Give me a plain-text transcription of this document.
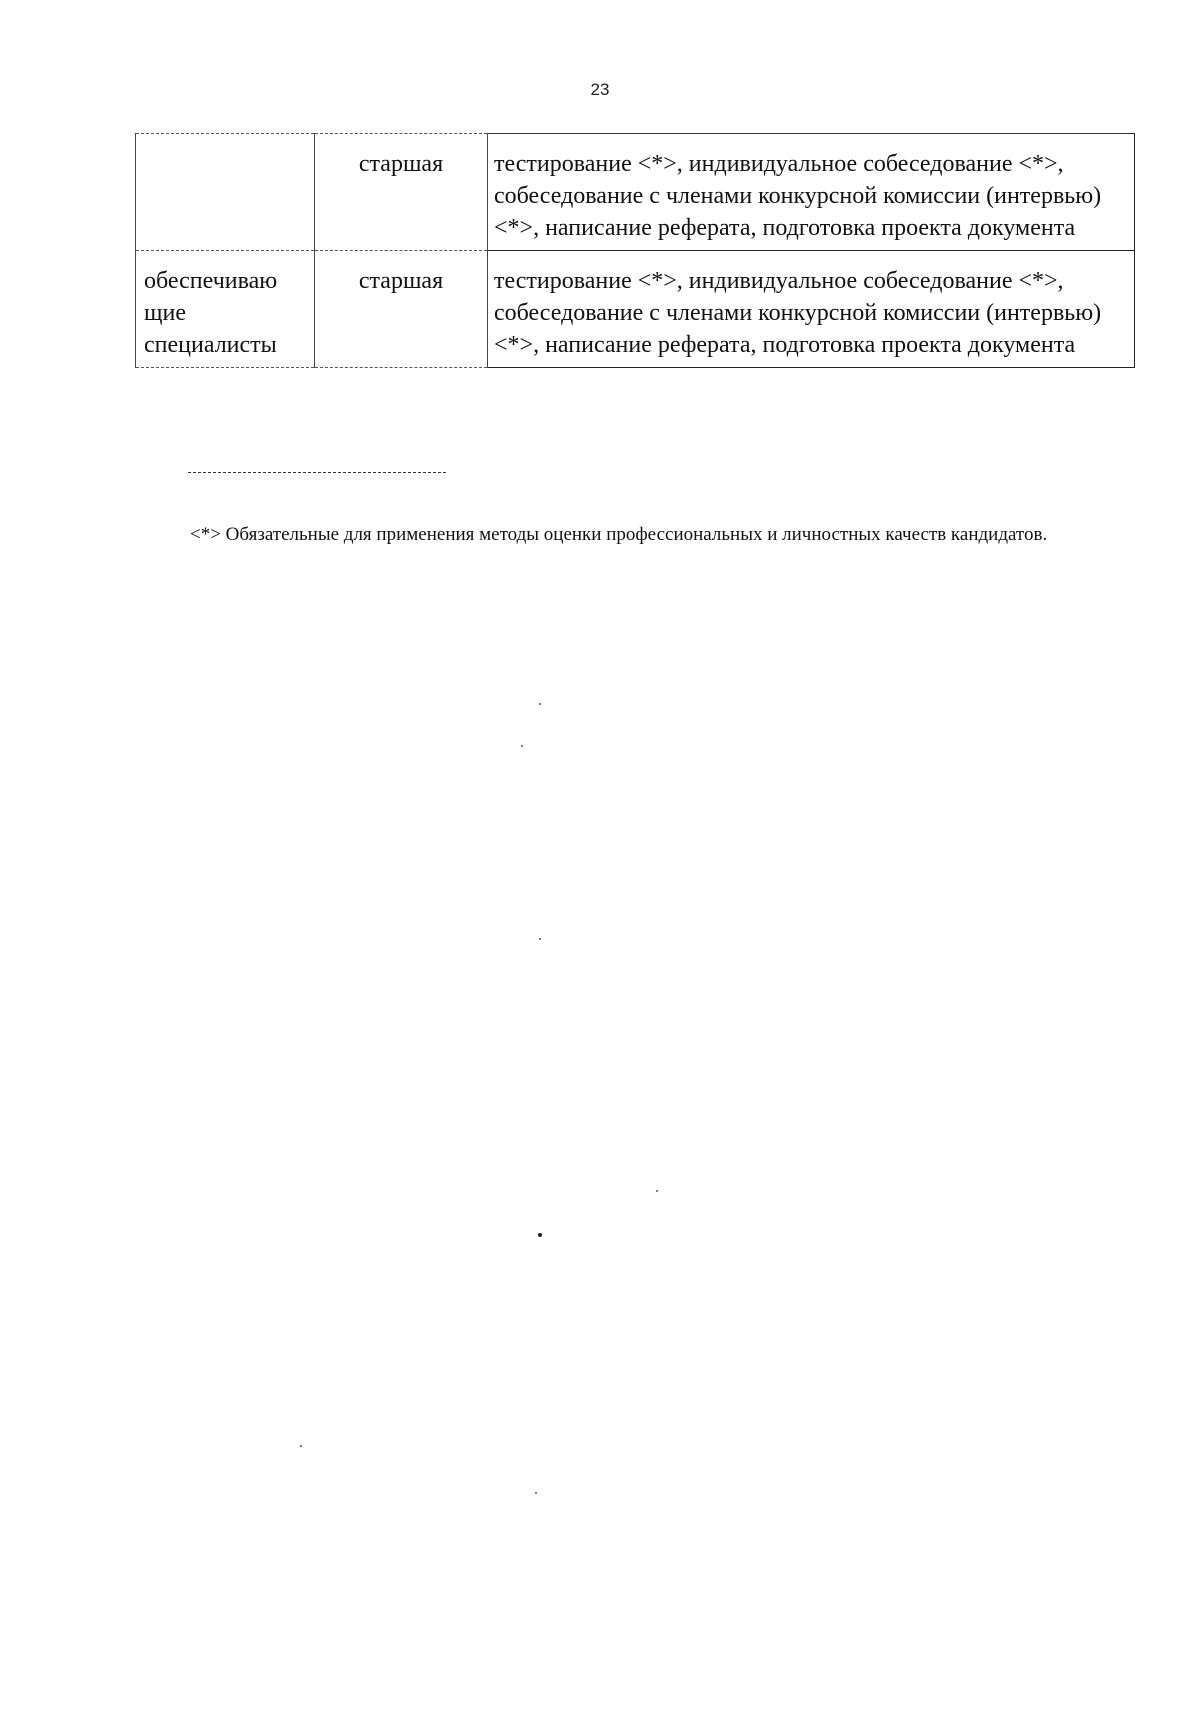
23
	старшая	тестирование <*>, индивидуальное собеседование <*>, собеседование с членами конкурсной комиссии (интервью) <*>, написание реферата, подготовка проекта документа
обеспечиваю щие специалисты	старшая	тестирование <*>, индивидуальное собеседование <*>, собеседование с членами конкурсной комиссии (интервью) <*>, написание реферата, подготовка проекта документа
<*> Обязательные для применения методы оценки профессиональных и личностных качеств кандидатов.
